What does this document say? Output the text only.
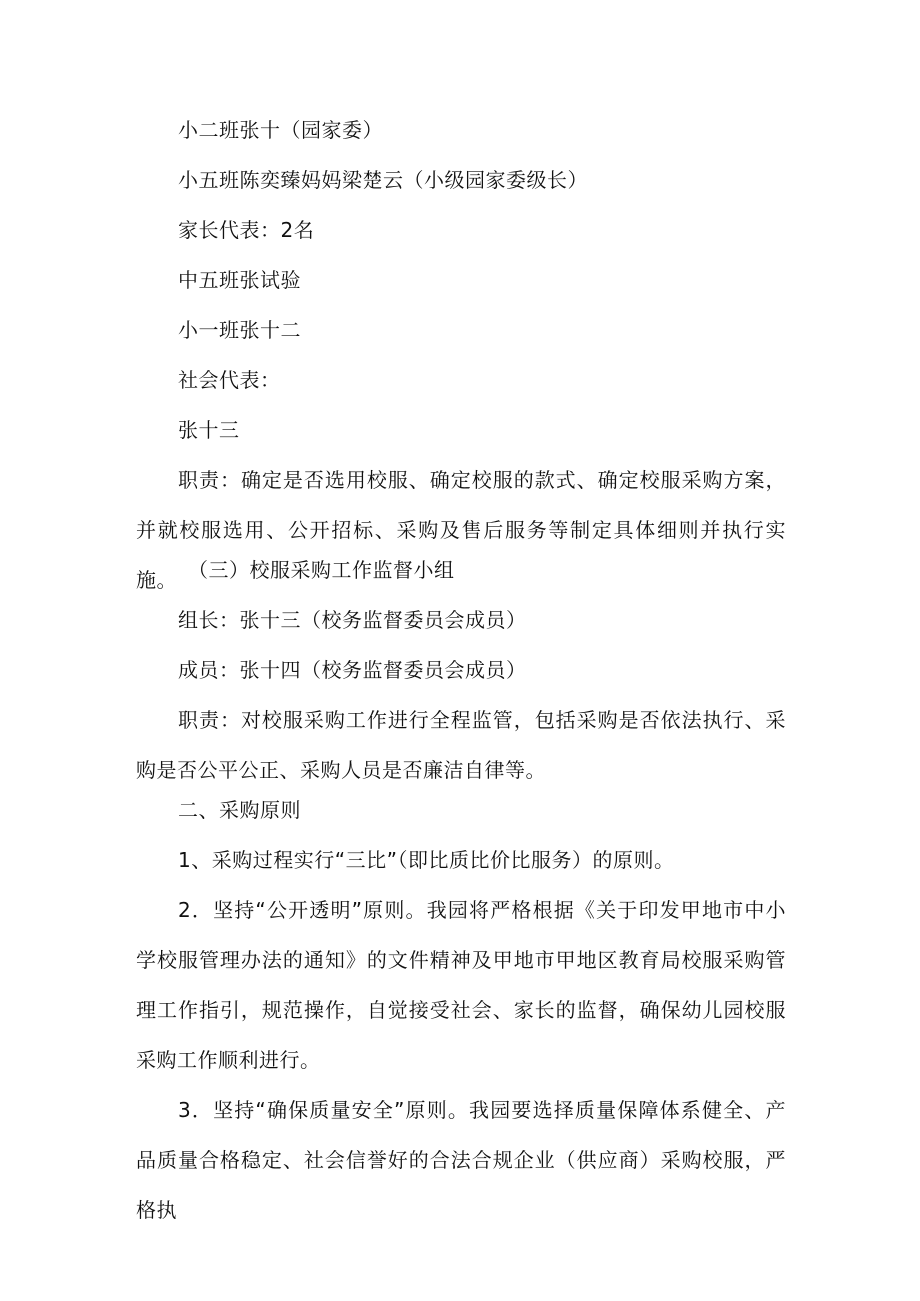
小二班张十（园家委）
小五班陈奕臻妈妈梁楚云（小级园家委级长）
家长代表：2名
中五班张试验
小一班张十二
社会代表：
张十三
职责：确定是否选用校服、确定校服的款式、确定校服采购方案，并就校服选用、公开招标、采购及售后服务等制定具体细则并执行实施。 （三）校服采购工作监督小组
组长：张十三（校务监督委员会成员）
成员：张十四（校务监督委员会成员）
职责：对校服采购工作进行全程监管，包括采购是否依法执行、采购是否公平公正、采购人员是否廉洁自律等。
二、采购原则
1、采购过程实行“三比”（即比质比价比服务）的原则。
2．坚持“公开透明”原则。我园将严格根据《关于印发甲地市中小学校服管理办法的通知》的文件精神及甲地市甲地区教育局校服采购管理工作指引，规范操作，自觉接受社会、家长的监督，确保幼儿园校服采购工作顺利进行。
3．坚持“确保质量安全”原则。我园要选择质量保障体系健全、产品质量合格稳定、社会信誉好的合法合规企业（供应商）采购校服，严格执
